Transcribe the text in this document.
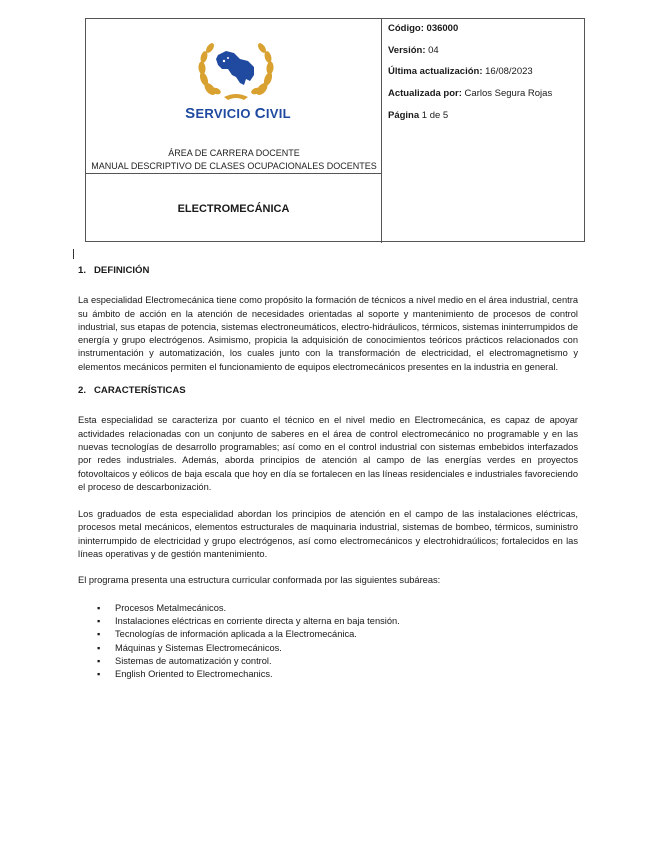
SERVICIO CIVIL
ÁREA DE CARRERA DOCENTE
MANUAL DESCRIPTIVO DE CLASES OCUPACIONALES DOCENTES
ELECTROMECÁNICA
Código: 036000
Versión: 04
Última actualización: 16/08/2023
Actualizada por: Carlos Segura Rojas
Página 1 de 5
1. DEFINICIÓN

La especialidad Electromecánica tiene como propósito la formación de técnicos a nivel medio en el área industrial, centra su ámbito de acción en la atención de necesidades orientadas al soporte y mantenimiento de procesos de control industrial, sus etapas de potencia, sistemas electroneumáticos, electro-hidráulicos, térmicos, sistemas ininterrumpidos de energía y grupo electrógenos. Asimismo, propicia la adquisición de conocimientos teóricos prácticos relacionados con instrumentación y automatización, los cuales junto con la transformación de electricidad, el electromagnetismo y elementos mecánicos permiten el funcionamiento de equipos electromecánicos presentes en la industria en general.

2. CARACTERÍSTICAS

Esta especialidad se caracteriza por cuanto el técnico en el nivel medio en Electromecánica, es capaz de apoyar actividades relacionadas con un conjunto de saberes en el área de control electromecánico no programable y en las nuevas tecnologías de desarrollo programables; así como en el control industrial con sistemas embebidos interfazados por redes industriales. Además, aborda principios de atención al campo de las energías verdes en proyectos fotovoltaicos y eólicos de baja escala que hoy en día se fortalecen en las líneas residenciales e industriales favoreciendo el proceso de descarbonización.

Los graduados de esta especialidad abordan los principios de atención en el campo de las instalaciones eléctricas, procesos metal mecánicos, elementos estructurales de maquinaria industrial, sistemas de bombeo, térmicos, suministro ininterrumpido de electricidad y grupo electrógenos, así como electromecánicos y electrohidraúlicos; fortalecidos en las líneas operativas y de gestión mantenimiento.

El programa presenta una estructura curricular conformada por las siguientes subáreas:

▪ Procesos Metalmecánicos.
▪ Instalaciones eléctricas en corriente directa y alterna en baja tensión.
▪ Tecnologías de información aplicada a la Electromecánica.
▪ Máquinas y Sistemas Electromecánicos.
▪ Sistemas de automatización y control.
▪ English Oriented to Electromechanics.
